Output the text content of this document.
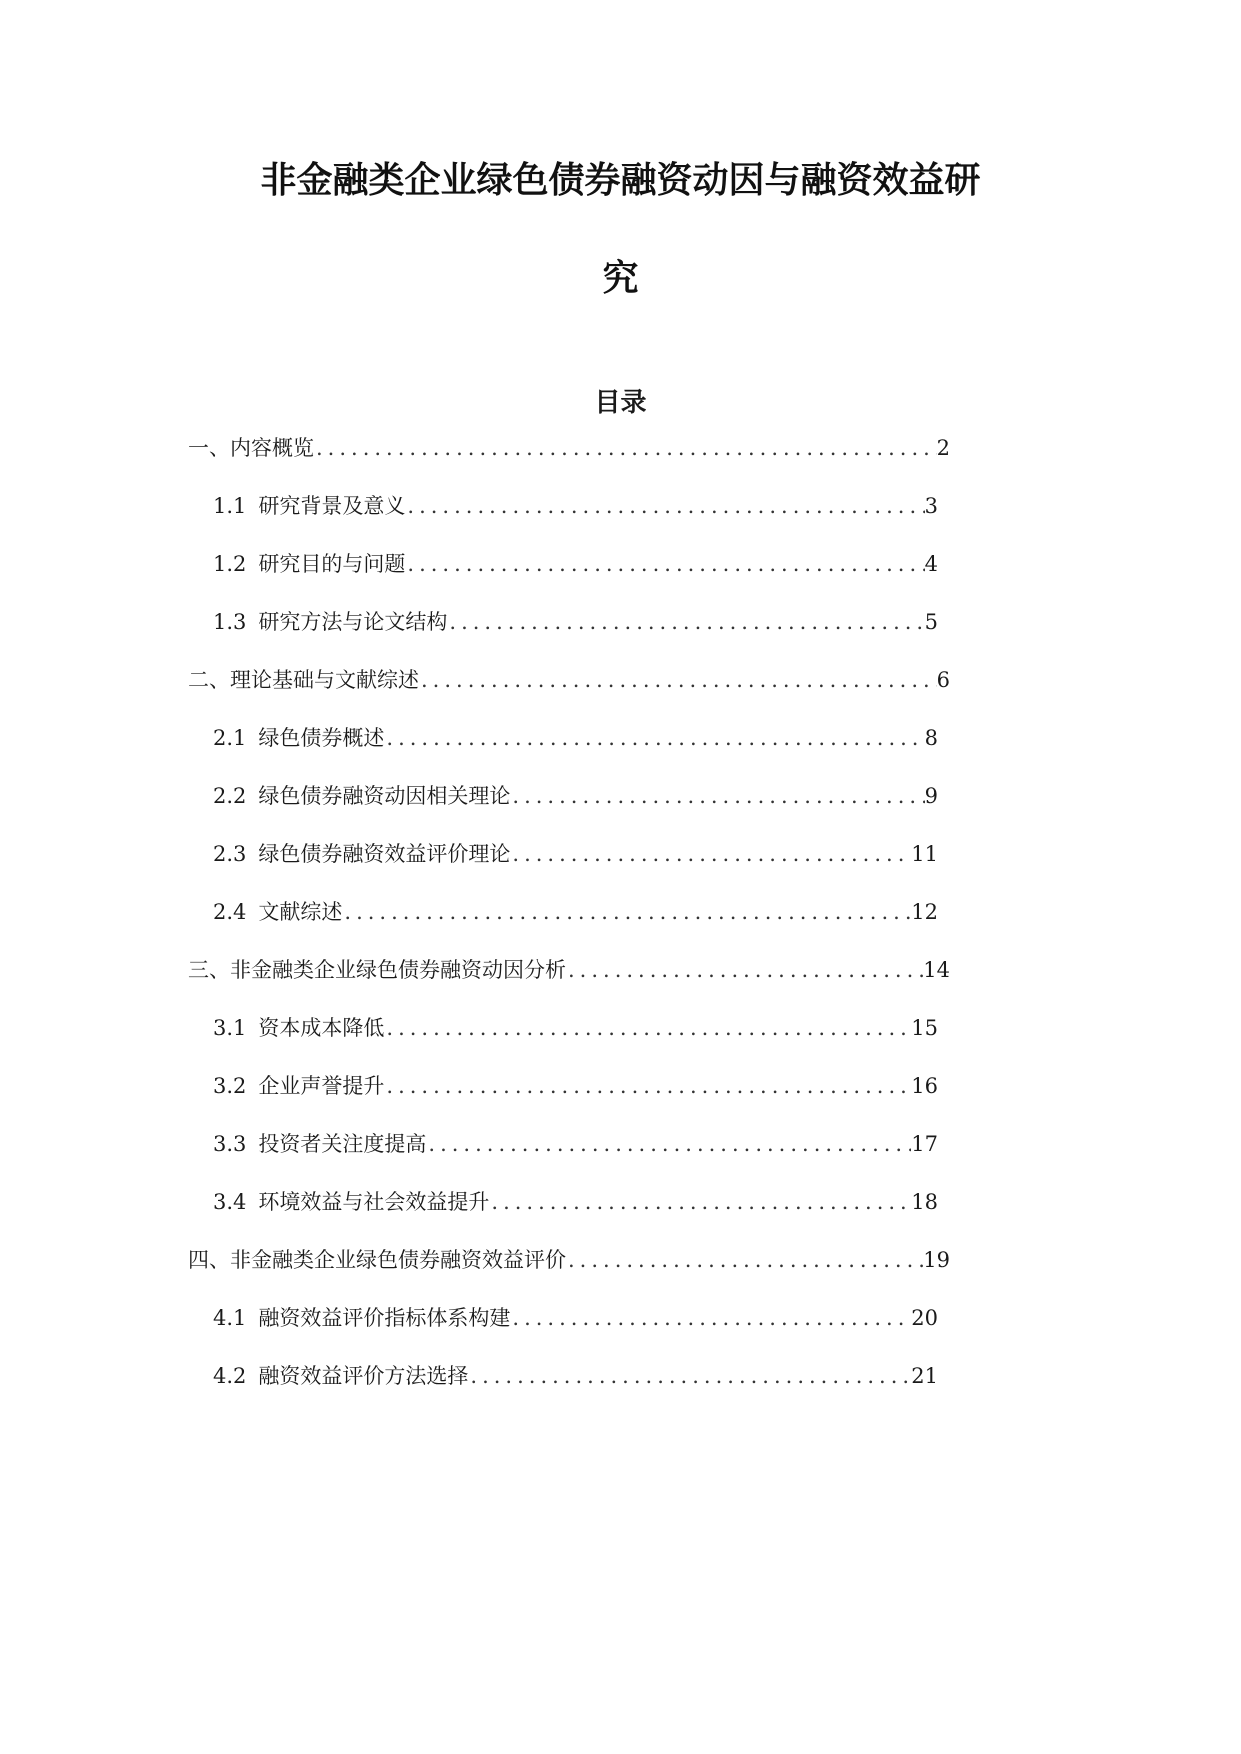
非金融类企业绿色债券融资动因与融资效益研
究
目录
一、内容概览 .....	2
1.1 研究背景及意义 .....	3
1.2 研究目的与问题 .....	4
1.3 研究方法与论文结构 .....	5
二、理论基础与文献综述 .....	6
2.1 绿色债券概述 .....	8
2.2 绿色债券融资动因相关理论 .....	9
2.3 绿色债券融资效益评价理论 .....	11
2.4 文献综述 .....	12
三、非金融类企业绿色债券融资动因分析 .....	14
3.1 资本成本降低 .....	15
3.2 企业声誉提升 .....	16
3.3 投资者关注度提高 .....	17
3.4 环境效益与社会效益提升 .....	18
四、非金融类企业绿色债券融资效益评价 .....	19
4.1 融资效益评价指标体系构建 .....	20
4.2 融资效益评价方法选择 .....	21
